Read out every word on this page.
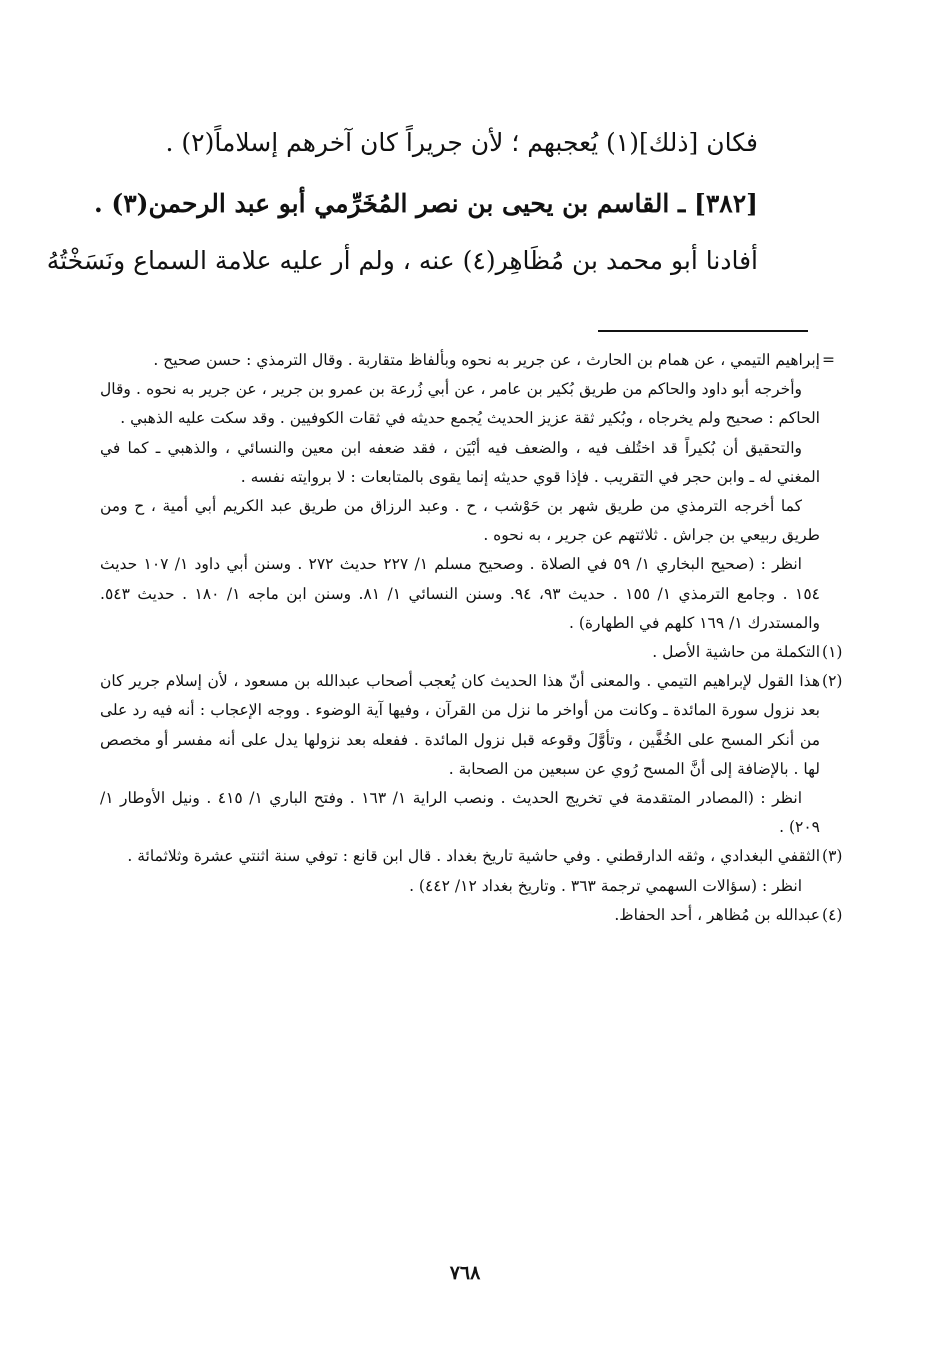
فكان [ذلك](١) يُعجبهم ؛ لأن جريراً كان آخرهم إسلاماً(٢) .
[٣٨٢] ـ القاسم بن يحيى بن نصر المُخَرِّمي أبو عبد الرحمن(٣) .
أفادنا أبو محمد بن مُظَاهِر(٤) عنه ، ولم أر عليه علامة السماع ونَسَخْتُهُ
=

إبراهيم التيمي ، عن همام بن الحارث ، عن جرير به نحوه وبألفاظ متقاربة . وقال الترمذي : حسن صحيح .

وأخرجه أبو داود والحاكم من طريق بُكير بن عامر ، عن أبي زُرعة بن عمرو بن جرير ، عن جرير به نحوه . وقال الحاكم : صحيح ولم يخرجاه ، وبُكير ثقة عزيز الحديث يُجمع حديثه في ثقات الكوفيين . وقد سكت عليه الذهبي .

والتحقيق أن بُكيراً قد اختُلف فيه ، والضعف فيه أبْيَن ، فقد ضعفه ابن معين والنسائي ، والذهبي ـ كما في المغني له ـ وابن حجر في التقريب . فإذا قوي حديثه إنما يقوى بالمتابعات : لا بروايته نفسه .

كما أخرجه الترمذي من طريق شهر بن حَوْشب ، ح . وعبد الرزاق من طريق عبد الكريم أبي أمية ، ح ومن طريق ربيعي بن جراش . ثلاثتهم عن جرير ، به نحوه .

انظر : (صحيح البخاري ١/ ٥٩ في الصلاة . وصحيح مسلم ١/ ٢٢٧ حديث ٢٧٢ . وسنن أبي داود ١/ ١٠٧ حديث ١٥٤ . وجامع الترمذي ١/ ١٥٥ . حديث ٩٣، ٩٤. وسنن النسائي ١/ ٨١. وسنن ابن ماجه ١/ ١٨٠ . حديث ٥٤٣. والمستدرك ١/ ١٦٩ كلهم في الطهارة) .

(١)

التكملة من حاشية الأصل .

(٢)

هذا القول لإبراهيم التيمي . والمعنى أنّ هذا الحديث كان يُعجب أصحاب عبدالله بن مسعود ، لأن إسلام جرير كان بعد نزول سورة المائدة ـ وكانت من أواخر ما نزل من القرآن ، وفيها آية الوضوء . ووجه الإعجاب : أنه فيه رد على من أنكر المسح على الخُفَّين ، وتأوَّلَ وقوعه قبل نزول المائدة . ففعله بعد نزولها يدل على أنه مفسر أو مخصص لها . بالإضافة إلى أنَّ المسح رُوي عن سبعين من الصحابة .

انظر : (المصادر المتقدمة في تخريج الحديث . ونصب الراية ١/ ١٦٣ . وفتح الباري ١/ ٤١٥ . ونيل الأوطار ١/ ٢٠٩) .

(٣)

الثقفي البغدادي ، وثقه الدارقطني . وفي حاشية تاريخ بغداد . قال ابن قانع : توفي سنة اثنتي عشرة وثلاثمائة .

انظر : (سؤالات السهمي ترجمة ٣٦٣ . وتاريخ بغداد ١٢/ ٤٤٢) .

(٤)

عبدالله بن مُظاهر ، أحد الحفاظ.

٧٦٨
